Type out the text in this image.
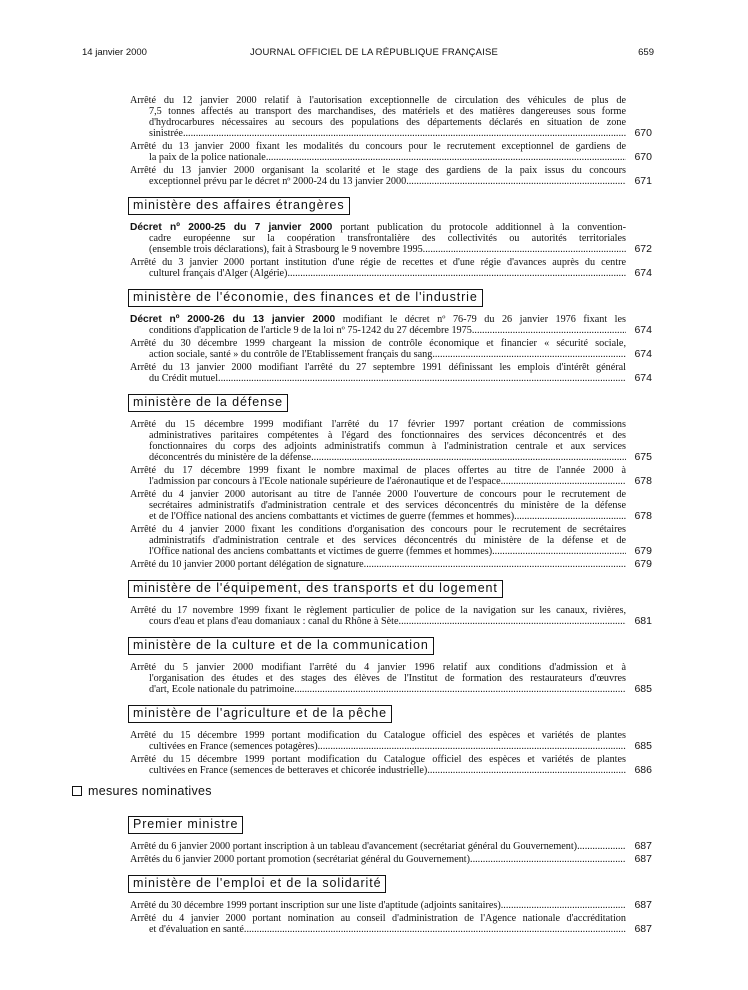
14 janvier 2000	JOURNAL OFFICIEL DE LA RÉPUBLIQUE FRANÇAISE	659
Arrêté du 12 janvier 2000 relatif à l'autorisation exceptionnelle de circulation des véhicules de plus de
7,5 tonnes affectés au transport des marchandises, des matériels et des matières dangereuses sous forme
d'hydrocarbures nécessaires au secours des populations des départements déclarés en situation de zone
sinistrée .....	670
Arrêté du 13 janvier 2000 fixant les modalités du concours pour le recrutement exceptionnel de gardiens de
la paix de la police nationale .....	670
Arrêté du 13 janvier 2000 organisant la scolarité et le stage des gardiens de la paix issus du concours
exceptionnel prévu par le décret nº 2000-24 du 13 janvier 2000 .....	671
ministère des affaires étrangères
Décret nº 2000-25 du 7 janvier 2000 portant publication du protocole additionnel à la convention-
cadre européenne sur la coopération transfrontalière des collectivités ou autorités territoriales
(ensemble trois déclarations), fait à Strasbourg le 9 novembre 1995 .....	672
Arrêté du 3 janvier 2000 portant institution d'une régie de recettes et d'une régie d'avances auprès du centre
culturel français d'Alger (Algérie) .....	674
ministère de l'économie, des finances et de l'industrie
Décret nº 2000-26 du 13 janvier 2000 modifiant le décret nº 76-79 du 26 janvier 1976 fixant les
conditions d'application de l'article 9 de la loi nº 75-1242 du 27 décembre 1975 .....	674
Arrêté du 30 décembre 1999 chargeant la mission de contrôle économique et financier « sécurité sociale,
action sociale, santé » du contrôle de l'Etablissement français du sang .....	674
Arrêté du 13 janvier 2000 modifiant l'arrêté du 27 septembre 1991 définissant les emplois d'intérêt général
du Crédit mutuel .....	674
ministère de la défense
Arrêté du 15 décembre 1999 modifiant l'arrêté du 17 février 1997 portant création de commissions
administratives paritaires compétentes à l'égard des fonctionnaires des services déconcentrés et des
fonctionnaires du corps des adjoints administratifs commun à l'administration centrale et aux services
déconcentrés du ministère de la défense .....	675
Arrêté du 17 décembre 1999 fixant le nombre maximal de places offertes au titre de l'année 2000 à
l'admission par concours à l'Ecole nationale supérieure de l'aéronautique et de l'espace .....	678
Arrêté du 4 janvier 2000 autorisant au titre de l'année 2000 l'ouverture de concours pour le recrutement de
secrétaires administratifs d'administration centrale et des services déconcentrés du ministère de la défense
et de l'Office national des anciens combattants et victimes de guerre (femmes et hommes) .....	678
Arrêté du 4 janvier 2000 fixant les conditions d'organisation des concours pour le recrutement de secrétaires
administratifs d'administration centrale et des services déconcentrés du ministère de la défense et de
l'Office national des anciens combattants et victimes de guerre (femmes et hommes) .....	679
Arrêté du 10 janvier 2000 portant délégation de signature .....	679
ministère de l'équipement, des transports et du logement
Arrêté du 17 novembre 1999 fixant le règlement particulier de police de la navigation sur les canaux, rivières,
cours d'eau et plans d'eau domaniaux : canal du Rhône à Sète .....	681
ministère de la culture et de la communication
Arrêté du 5 janvier 2000 modifiant l'arrêté du 4 janvier 1996 relatif aux conditions d'admission et à
l'organisation des études et des stages des élèves de l'Institut de formation des restaurateurs d'œuvres
d'art, Ecole nationale du patrimoine .....	685
ministère de l'agriculture et de la pêche
Arrêté du 15 décembre 1999 portant modification du Catalogue officiel des espèces et variétés de plantes
cultivées en France (semences potagères) .....	685
Arrêté du 15 décembre 1999 portant modification du Catalogue officiel des espèces et variétés de plantes
cultivées en France (semences de betteraves et chicorée industrielle) .....	686
mesures nominatives
Premier ministre
Arrêté du 6 janvier 2000 portant inscription à un tableau d'avancement (secrétariat général du Gouvernement) .....	687
Arrêtés du 6 janvier 2000 portant promotion (secrétariat général du Gouvernement) .....	687
ministère de l'emploi et de la solidarité
Arrêté du 30 décembre 1999 portant inscription sur une liste d'aptitude (adjoints sanitaires) .....	687
Arrêté du 4 janvier 2000 portant nomination au conseil d'administration de l'Agence nationale d'accréditation
et d'évaluation en santé .....	687
